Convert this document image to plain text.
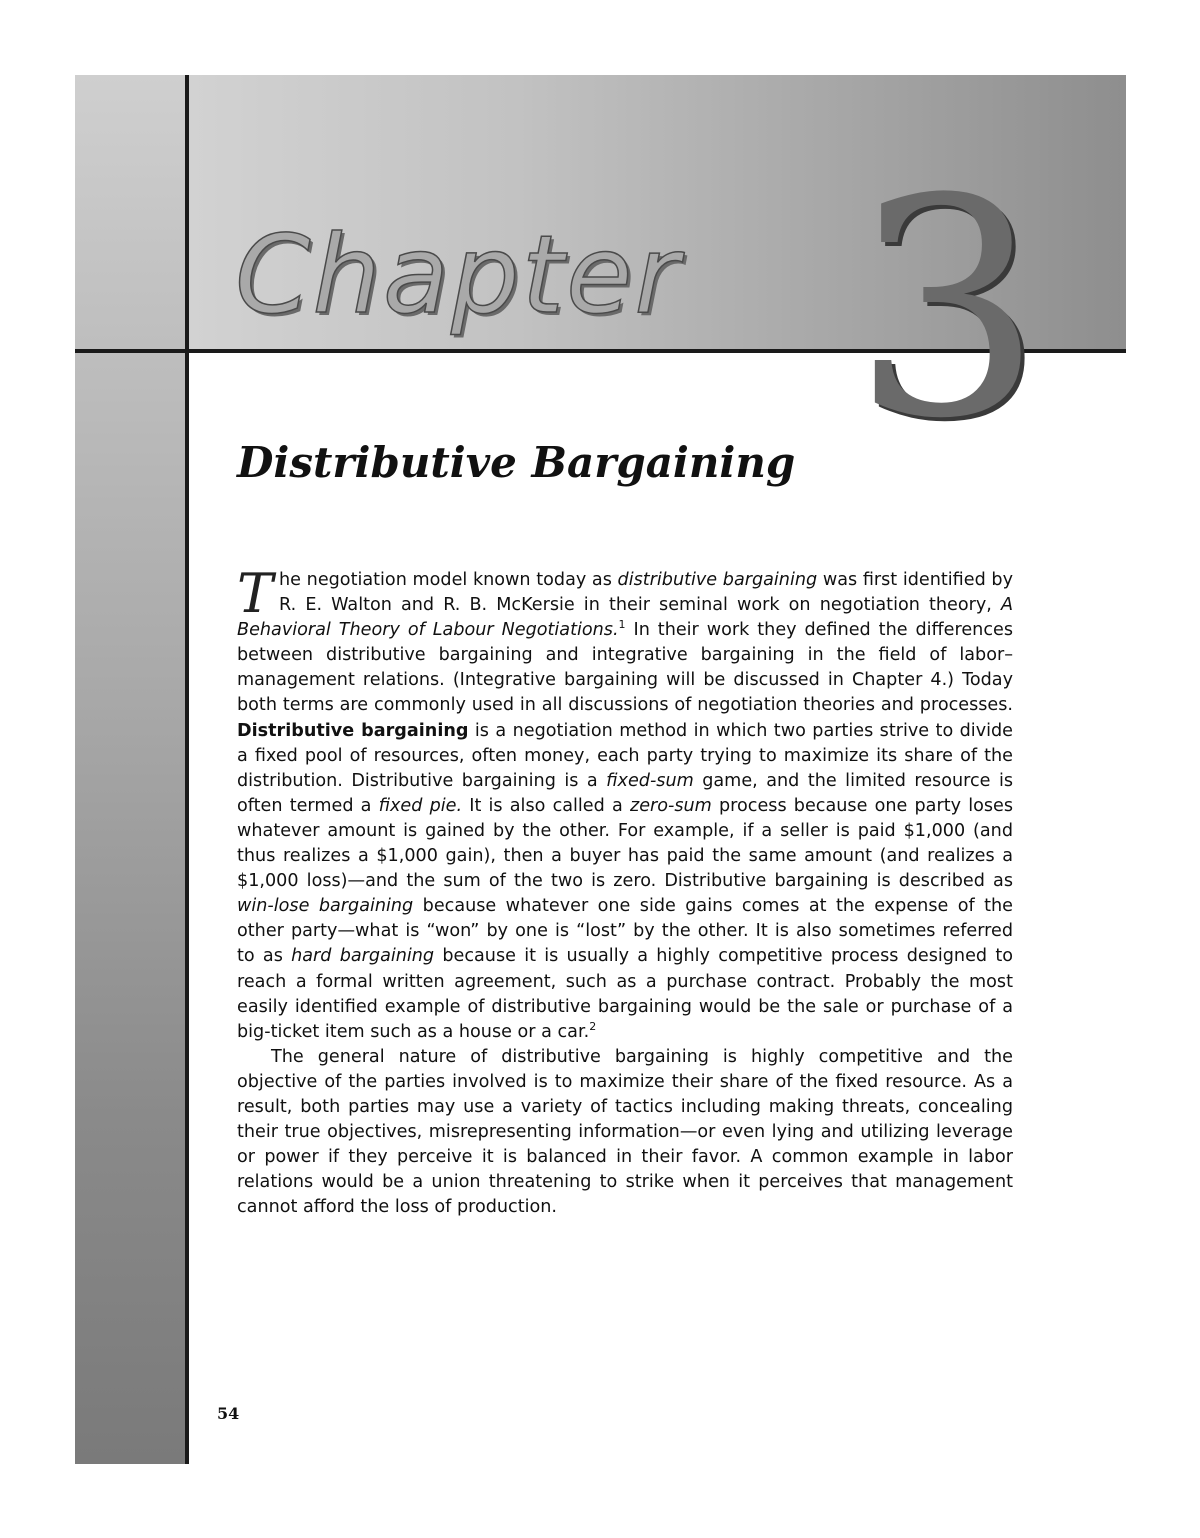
Chapter 3
Distributive Bargaining

The negotiation model known today as distributive bargaining was first identified by R. E. Walton and R. B. McKersie in their seminal work on negotiation theory, A Behavioral Theory of Labour Negotiations.$^1$ In their work they defined the differences between distributive bargaining and integrative bargaining in the field of labor–management relations. (Integrative bargaining will be discussed in Chapter 4.) Today both terms are commonly used in all discussions of negotiation theories and processes. Distributive bargaining is a negotiation method in which two parties strive to divide a fixed pool of resources, often money, each party trying to maximize its share of the distribution. Distributive bargaining is a fixed-sum game, and the limited resource is often termed a fixed pie. It is also called a zero-sum process because one party loses whatever amount is gained by the other. For example, if a seller is paid $1,000 (and thus realizes a $1,000 gain), then a buyer has paid the same amount (and realizes a $1,000 loss)—and the sum of the two is zero. Distributive bargaining is described as win-lose bargaining because whatever one side gains comes at the expense of the other party—what is “won” by one is “lost” by the other. It is also sometimes referred to as hard bargaining because it is usually a highly competitive process designed to reach a formal written agreement, such as a purchase contract. Probably the most easily identified example of distributive bargaining would be the sale or purchase of a big-ticket item such as a house or a car.$^2$

The general nature of distributive bargaining is highly competitive and the objective of the parties involved is to maximize their share of the fixed resource. As a result, both parties may use a variety of tactics including making threats, concealing their true objectives, misrepresenting information—or even lying and utilizing leverage or power if they perceive it is balanced in their favor. A common example in labor relations would be a union threatening to strike when it perceives that management cannot afford the loss of production.

54
